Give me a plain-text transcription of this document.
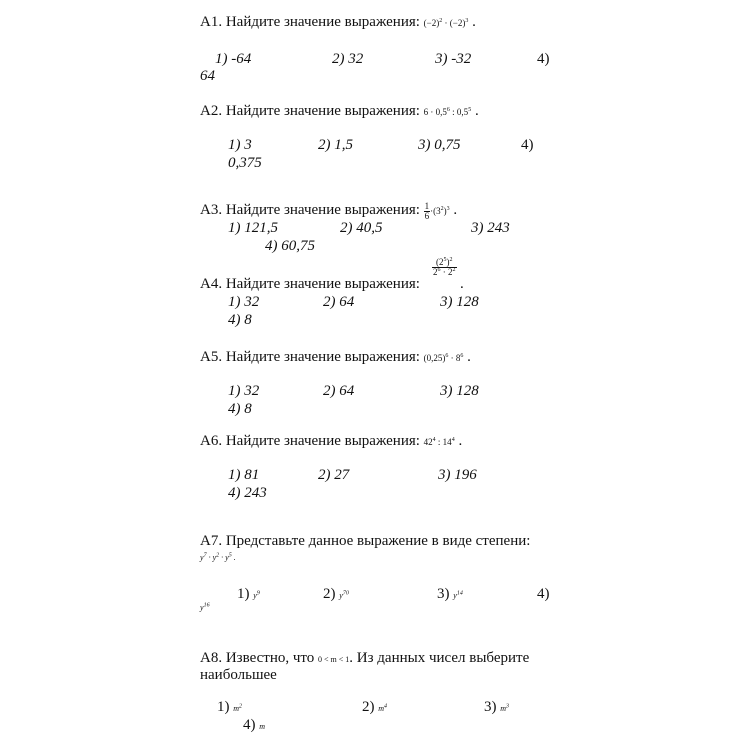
А1. Найдите значение выражения: $(-2)^2 \cdot (-2)^3$ .
1) -64	2) 32	3) -32	4)
64
А2. Найдите значение выражения: $6 \cdot 0,5^6$ : $0,5^5$ .
1) 3	2) 1,5	3) 0,75	4)
0,375
А3. Найдите значение выражения: $\frac{1}{6} \cdot(3^2)^3$ .
1) 121,5	2) 40,5	3) 243
4) 60,75
$\frac{(2^5)^2}{2^6 \cdot 2^2}$
А4. Найдите значение выражения:	.
1) 32	2) 64	3) 128
4) 8
А5. Найдите значение выражения: $(0,25)^6 \cdot 8^6$ .
1) 32	2) 64	3) 128
4) 8
А6. Найдите значение выражения: $42^4$ : $14^4$ .
1) 81	2) 27	3) 196
4) 243
А7. Представьте данное выражение в виде степени:
$y^7 \cdot y^2 \cdot y^5$ .
1) $y^9$	2) $y^{70}$	3) $y^{14}$	4)
$y^{16}$
А8. Известно, что 0 < m < 1. Из данных чисел выберите
наибольшее
1) $m^2$	2) $m^4$	3) $m^3$
4) m
